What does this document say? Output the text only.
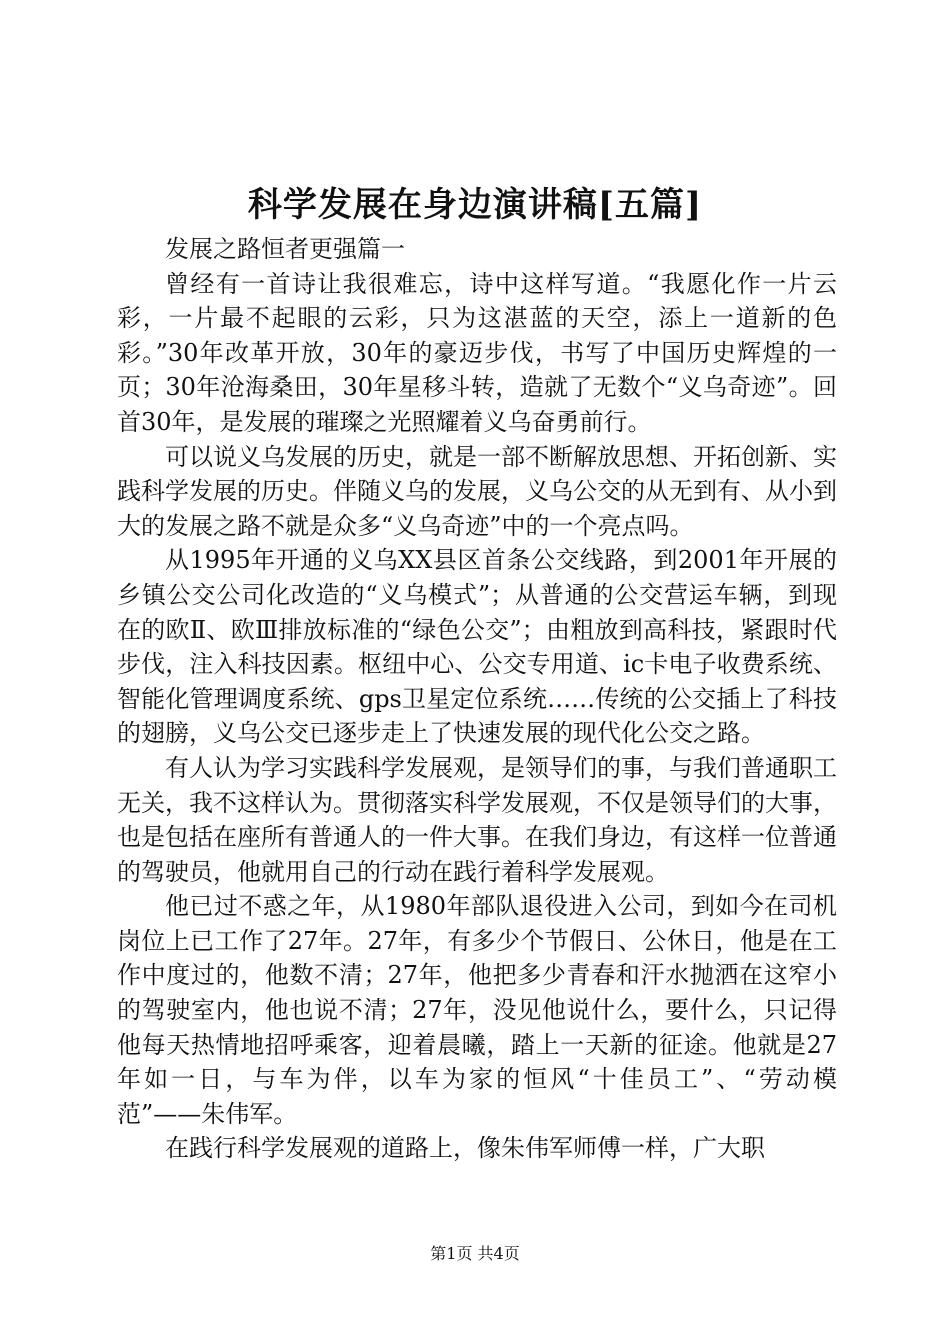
科学发展在身边演讲稿[五篇]

发展之路恒者更强篇一

曾经有一首诗让我很难忘，诗中这样写道。“我愿化作一片云彩，一片最不起眼的云彩，只为这湛蓝的天空，添上一道新的色彩。”30年改革开放，30年的豪迈步伐，书写了中国历史辉煌的一页；30年沧海桑田，30年星移斗转，造就了无数个“义乌奇迹”。回首30年，是发展的璀璨之光照耀着义乌奋勇前行。

可以说义乌发展的历史，就是一部不断解放思想、开拓创新、实践科学发展的历史。伴随义乌的发展，义乌公交的从无到有、从小到大的发展之路不就是众多“义乌奇迹”中的一个亮点吗。

从1995年开通的义乌XX县区首条公交线路，到2001年开展的乡镇公交公司化改造的“义乌模式”；从普通的公交营运车辆，到现在的欧Ⅱ、欧Ⅲ排放标准的“绿色公交”；由粗放到高科技，紧跟时代步伐，注入科技因素。枢纽中心、公交专用道、ic卡电子收费系统、智能化管理调度系统、gps卫星定位系统……传统的公交插上了科技的翅膀，义乌公交已逐步走上了快速发展的现代化公交之路。

有人认为学习实践科学发展观，是领导们的事，与我们普通职工无关，我不这样认为。贯彻落实科学发展观，不仅是领导们的大事，也是包括在座所有普通人的一件大事。在我们身边，有这样一位普通的驾驶员，他就用自己的行动在践行着科学发展观。

他已过不惑之年，从1980年部队退役进入公司，到如今在司机岗位上已工作了27年。27年，有多少个节假日、公休日，他是在工作中度过的，他数不清；27年，他把多少青春和汗水抛洒在这窄小的驾驶室内，他也说不清；27年，没见他说什么，要什么，只记得他每天热情地招呼乘客，迎着晨曦，踏上一天新的征途。他就是27年如一日，与车为伴，以车为家的恒风“十佳员工”、“劳动模范”——朱伟军。

在践行科学发展观的道路上，像朱伟军师傅一样，广大职

第1页 共4页
